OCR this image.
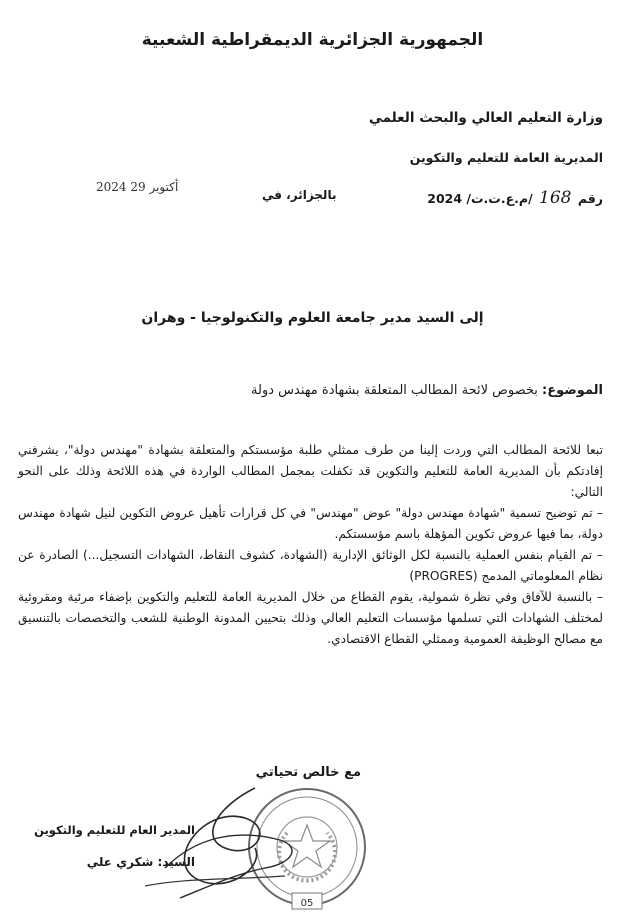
الجمهورية الجزائرية الديمقراطية الشعبية
وزارة التعليم العالي والبحث العلمي
المديرية العامة للتعليم والتكوين
رقم 168 /م.ع.ت.ت/ 2024
بالجزائر، في
2024 أكتوبر 29
إلى السيد مدير جامعة العلوم والتكنولوجيا - وهران
الموضوع: بخصوص لائحة المطالب المتعلقة بشهادة مهندس دولة

تبعا للائحة المطالب التي وردت إلينا من طرف ممثلي طلبة مؤسستكم والمتعلقة بشهادة "مهندس دولة"، يشرفني إفادتكم بأن المديرية العامة للتعليم والتكوين قد تكفلت بمجمل المطالب الواردة في هذه اللائحة وذلك على النحو التالي:

– تم توضيح تسمية "شهادة مهندس دولة" عوض "مهندس" في كل قرارات تأهيل عروض التكوين لنيل شهادة مهندس دولة، بما فيها عروض تكوين المؤهلة باسم مؤسستكم.

– تم القيام بنفس العملية بالنسبة لكل الوثائق الإدارية (الشهادة، كشوف النقاط، الشهادات التسجيل...) الصادرة عن نظام المعلوماتي المدمج (PROGRES)

– بالنسبة للآفاق وفي نظرة شمولية، يقوم القطاع من خلال المديرية العامة للتعليم والتكوين بإضفاء مرئية ومقروئية لمختلف الشهادات التي تسلمها مؤسسات التعليم العالي وذلك بتحيين المدونة الوطنية للشعب والتخصصات بالتنسيق مع مصالح الوظيفة العمومية وممثلي القطاع الاقتصادي.

مع خالص تحياتي
05
المدير العام للتعليم والتكوين
السيد: شكري علي
